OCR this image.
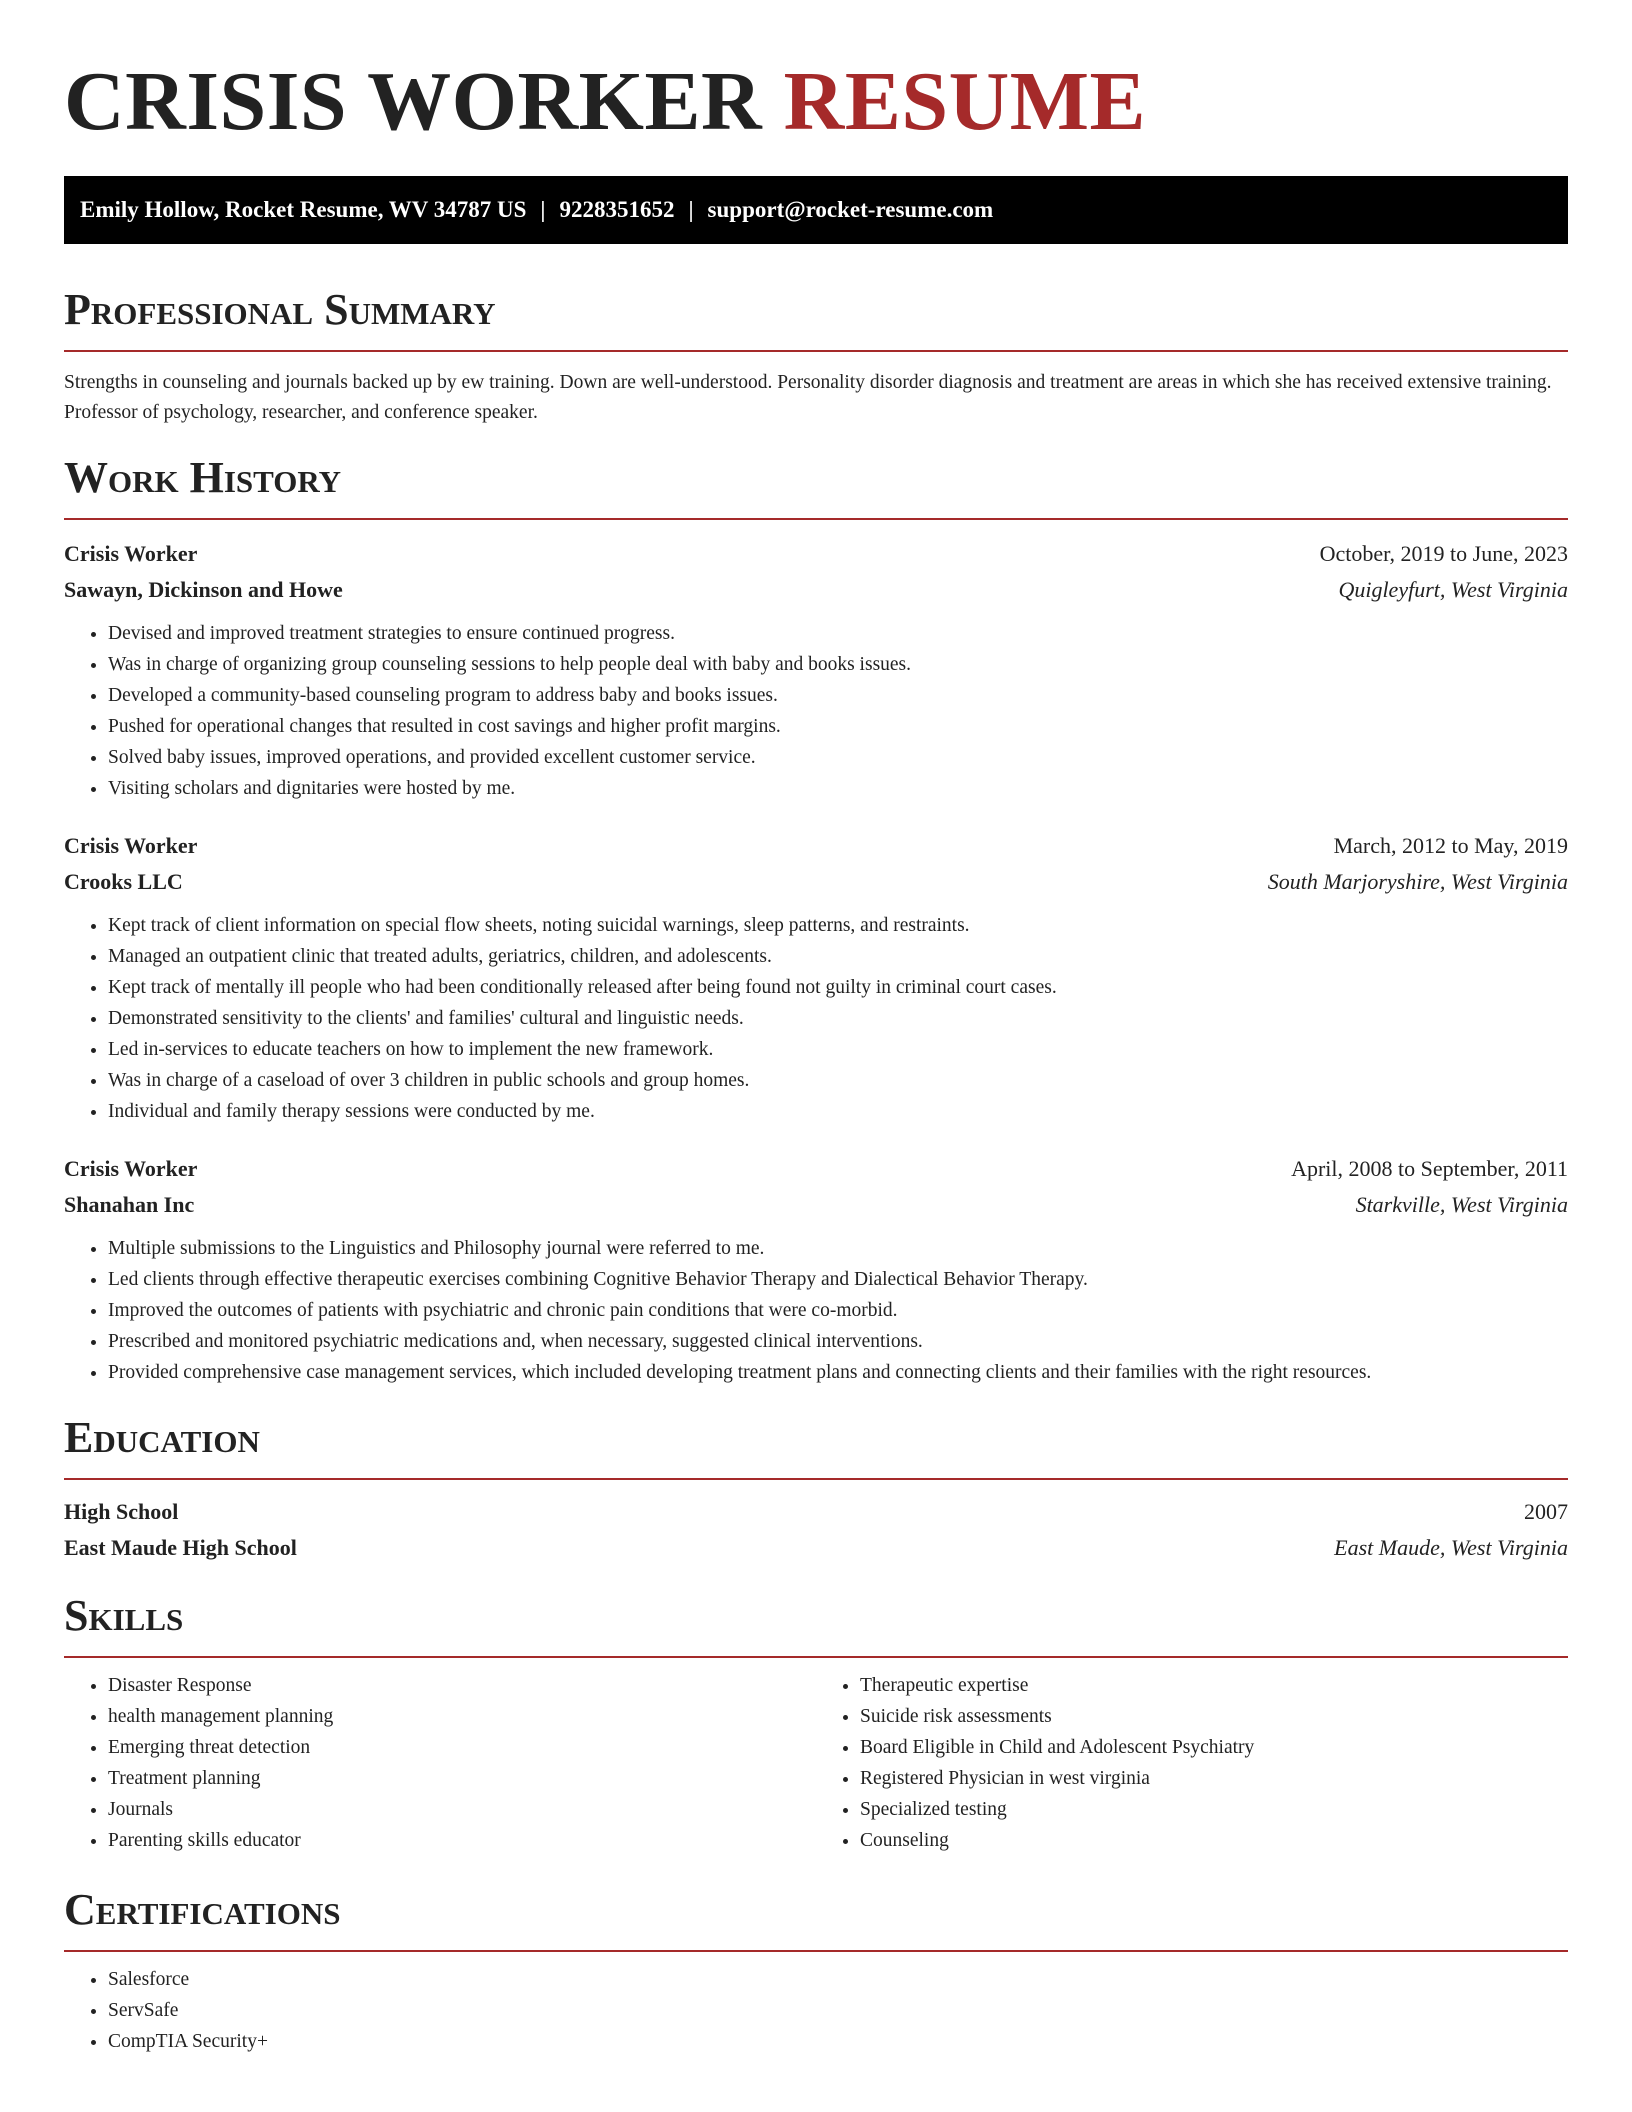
CRISIS WORKER RESUME
Emily Hollow, Rocket Resume, WV 34787 US | 9228351652 | support@rocket-resume.com
Professional Summary
Strengths in counseling and journals backed up by ew training. Down are well-understood. Personality disorder diagnosis and treatment are areas in which she has received extensive training. Professor of psychology, researcher, and conference speaker.
Work History
Crisis Worker	October, 2019 to June, 2023
Sawayn, Dickinson and Howe	Quigleyfurt, West Virginia
• Devised and improved treatment strategies to ensure continued progress.
• Was in charge of organizing group counseling sessions to help people deal with baby and books issues.
• Developed a community-based counseling program to address baby and books issues.
• Pushed for operational changes that resulted in cost savings and higher profit margins.
• Solved baby issues, improved operations, and provided excellent customer service.
• Visiting scholars and dignitaries were hosted by me.
Crisis Worker	March, 2012 to May, 2019
Crooks LLC	South Marjoryshire, West Virginia
• Kept track of client information on special flow sheets, noting suicidal warnings, sleep patterns, and restraints.
• Managed an outpatient clinic that treated adults, geriatrics, children, and adolescents.
• Kept track of mentally ill people who had been conditionally released after being found not guilty in criminal court cases.
• Demonstrated sensitivity to the clients' and families' cultural and linguistic needs.
• Led in-services to educate teachers on how to implement the new framework.
• Was in charge of a caseload of over 3 children in public schools and group homes.
• Individual and family therapy sessions were conducted by me.
Crisis Worker	April, 2008 to September, 2011
Shanahan Inc	Starkville, West Virginia
• Multiple submissions to the Linguistics and Philosophy journal were referred to me.
• Led clients through effective therapeutic exercises combining Cognitive Behavior Therapy and Dialectical Behavior Therapy.
• Improved the outcomes of patients with psychiatric and chronic pain conditions that were co-morbid.
• Prescribed and monitored psychiatric medications and, when necessary, suggested clinical interventions.
• Provided comprehensive case management services, which included developing treatment plans and connecting clients and their families with the right resources.
Education
High School	2007
East Maude High School	East Maude, West Virginia
Skills
• Disaster Response
• health management planning
• Emerging threat detection
• Treatment planning
• Journals
• Parenting skills educator
• Therapeutic expertise
• Suicide risk assessments
• Board Eligible in Child and Adolescent Psychiatry
• Registered Physician in west virginia
• Specialized testing
• Counseling
Certifications
• Salesforce
• ServSafe
• CompTIA Security+
